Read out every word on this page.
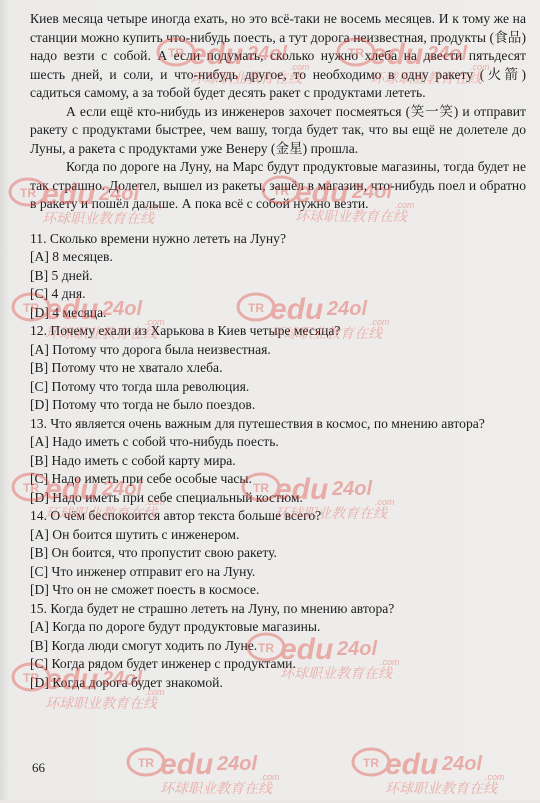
Киев месяца четыре иногда ехать, но это всё-таки не восемь месяцев. И к тому же на станции можно купить что-нибудь поесть, а тут дорога неизвестная, продукты (食品) надо везти с собой. А если подумать, сколько нужно хлеба на двести пятьдесят шесть дней, и соли, и что-нибудь другое, то необходимо в одну ракету (火箭) садиться самому, а за тобой будет десять ракет с продуктами лететь.

А если ещё кто-нибудь из инженеров захочет посмеяться (笑一笑) и отправит ракету с продуктами быстрее, чем вашу, тогда будет так, что вы ещё не долетеле до Луны, а ракета с продуктами уже Венеру (金星) прошла.

Когда по дороге на Луну, на Марс будут продуктовые магазины, тогда будет не так страшно. Долетел, вышел из ракеты, зашёл в магазин, что-нибудь поел и обратно в ракету и пошёл дальше. А пока всё с собой нужно везти.

11. Сколько времени нужно лететь на Луну?

[A] 8 месяцев.

[B] 5 дней.

[C] 4 дня.

[D] 4 месяца.

12. Почему ехали из Харькова в Киев четыре месяца?

[A] Потому что дорога была неизвестная.

[B] Потому что не хватало хлеба.

[C] Потому что тогда шла революция.

[D] Потому что тогда не было поездов.

13. Что является очень важным для путешествия в космос, по мнению автора?

[A] Надо иметь с собой что-нибудь поесть.

[B] Надо иметь с собой карту мира.

[C] Надо иметь при себе особые часы.

[D] Надо иметь при себе специальный костюм.

14. О чём беспокоится автор текста больше всего?

[A] Он боится шутить с инженером.

[B] Он боится, что пропустит свою ракету.

[C] Что инженер отправит его на Луну.

[D] Что он не сможет поесть в космосе.

15. Когда будет не страшно лететь на Луну, по мнению автора?

[A] Когда по дороге будут продуктовые магазины.

[B] Когда люди смогут ходить по Луне.

[C] Когда рядом будет инженер с продуктами.

[D] Когда дорога будет знакомой.

66
